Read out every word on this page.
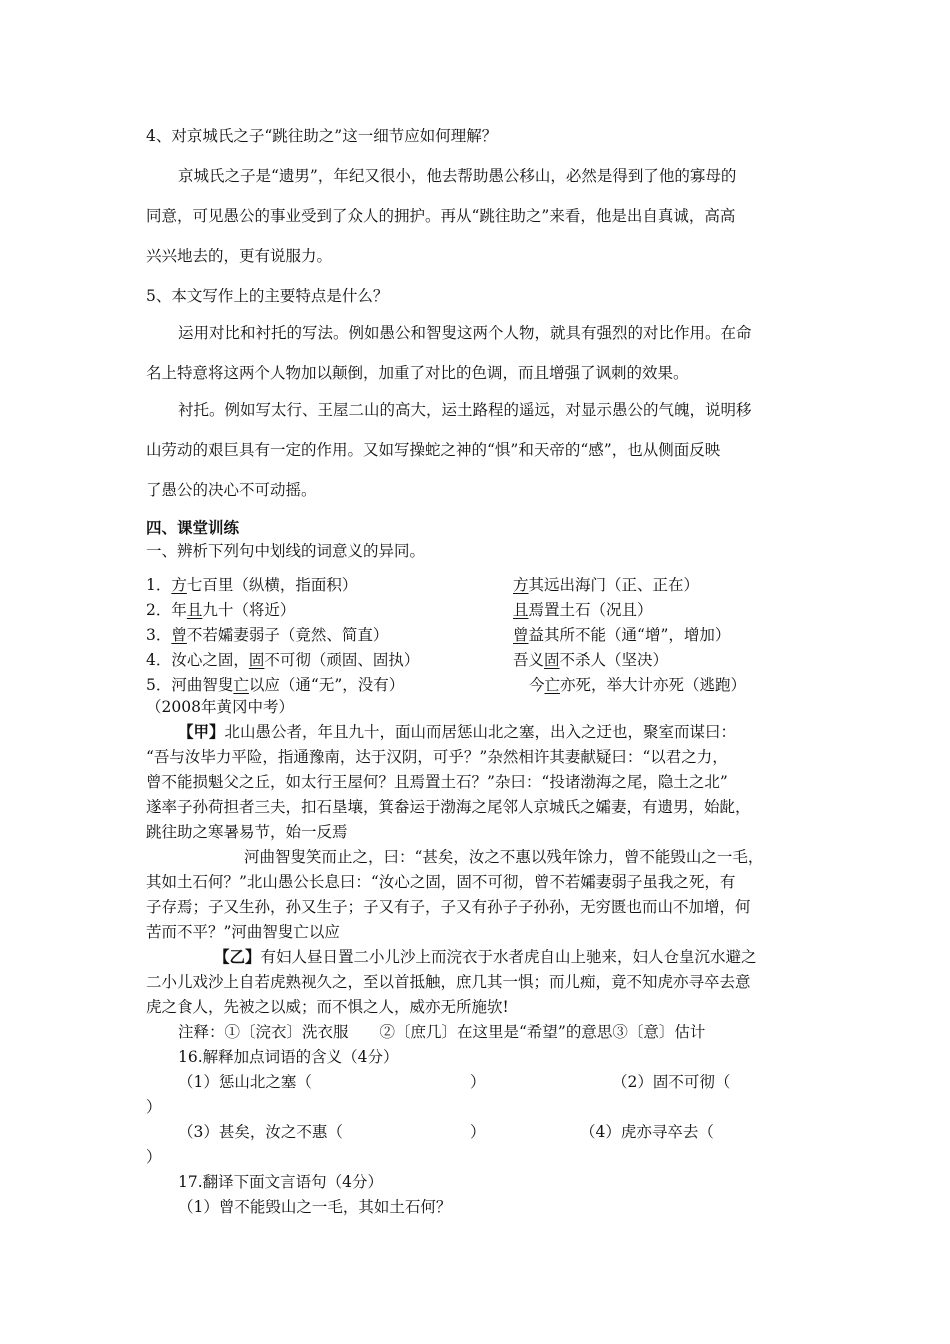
4、对京城氏之子“跳往助之”这一细节应如何理解？
京城氏之子是“遗男”，年纪又很小，他去帮助愚公移山，必然是得到了他的寡母的
同意，可见愚公的事业受到了众人的拥护。再从“跳往助之”来看，他是出自真诚，高高
兴兴地去的，更有说服力。
5、本文写作上的主要特点是什么？
运用对比和衬托的写法。例如愚公和智叟这两个人物，就具有强烈的对比作用。在命
名上特意将这两个人物加以颠倒，加重了对比的色调，而且增强了讽刺的效果。
衬托。例如写太行、王屋二山的高大，运土路程的遥远，对显示愚公的气魄，说明移
山劳动的艰巨具有一定的作用。又如写操蛇之神的“惧”和天帝的“感”，也从侧面反映
了愚公的决心不可动摇。
四、课堂训练
一、辨析下列句中划线的词意义的异同。
1．方七百里（纵横，指面积）	方其远出海门（正、正在）
2．年且九十（将近）	且焉置土石（况且）
3．曾不若孀妻弱子（竟然、简直）	曾益其所不能（通“增”，增加）
4．汝心之固，固不可彻（顽固、固执）	吾义固不杀人（坚决）
5．河曲智叟亡以应（通“无”，没有）	今亡亦死，举大计亦死（逃跑）
（2008年黄冈中考）
【甲】北山愚公者，年且九十，面山而居惩山北之塞，出入之迂也，聚室而谋曰：
“吾与汝毕力平险，指通豫南，达于汉阴，可乎？”杂然相许其妻献疑曰：“以君之力，
曾不能损魁父之丘，如太行王屋何？且焉置土石？”杂曰：“投诸渤海之尾，隐土之北”
遂率子孙荷担者三夫，扣石垦壤，箕畚运于渤海之尾邻人京城氏之孀妻，有遗男，始龀，
跳往助之寒暑易节，始一反焉
河曲智叟笑而止之，曰：“甚矣，汝之不惠以残年馀力，曾不能毁山之一毛，
其如土石何？”北山愚公长息曰：“汝心之固，固不可彻，曾不若孀妻弱子虽我之死，有
子存焉；子又生孙，孙又生子；子又有子，子又有孙子子孙孙，无穷匮也而山不加增，何
苦而不平？”河曲智叟亡以应
【乙】有妇人昼日置二小儿沙上而浣衣于水者虎自山上驰来，妇人仓皇沉水避之
二小儿戏沙上自若虎熟视久之，至以首抵触，庶几其一惧；而儿痴，竟不知虎亦寻卒去意
虎之食人，先被之以威；而不惧之人，威亦无所施欤!
注释：①〔浣衣〕洗衣服　　②〔庶几〕在这里是“希望”的意思③〔意〕估计
16.解释加点词语的含义（4分）
（1）惩山北之塞（	）	（2）固不可彻（
）
（3）甚矣，汝之不惠（	）	（4）虎亦寻卒去（
）
17.翻译下面文言语句（4分）
（1）曾不能毁山之一毛，其如土石何？
